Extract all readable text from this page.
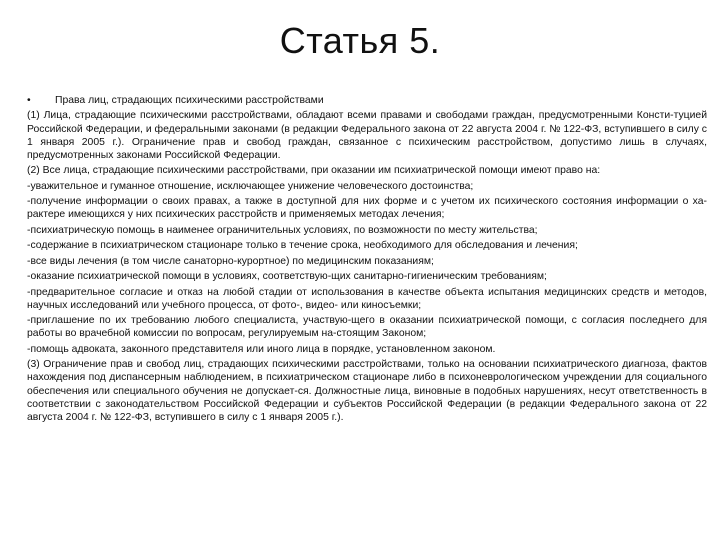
Статья 5.
•	Права лиц, страдающих психическими расстройствами

(1) Лица, страдающие психическими расстройствами, обладают всеми правами и свободами граждан, предусмотренными Консти-туцией Российской Федерации, и федеральными законами (в редакции Федерального закона от 22 августа 2004 г. № 122-ФЗ, вступившего в силу с 1 января 2005 г.). Ограничение прав и свобод граждан, связанное с психическим расстройством, допустимо лишь в случаях, предусмотренных законами Российской Федерации.

(2) Все лица, страдающие психическими расстройствами, при оказании им психиатрической помощи имеют право на:

-уважительное и гуманное отношение, исключающее унижение человеческого достоинства;

-получение информации о своих правах, а также в доступной для них форме и с учетом их психического состояния информации о ха-рактере имеющихся у них психических расстройств и применяемых методах лечения;

-психиатрическую помощь в наименее ограничительных условиях, по возможности по месту жительства;

-содержание в психиатрическом стационаре только в течение срока, необходимого для обследования и лечения;

-все виды лечения (в том числе санаторно-курортное) по медицинским показаниям;

-оказание психиатрической помощи в условиях, соответствую-щих санитарно-гигиеническим требованиям;

-предварительное согласие и отказ на любой стадии от использования в качестве объекта испытания медицинских средств и методов, научных исследований или учебного процесса, от фото-, видео- или киносъемки;

-приглашение по их требованию любого специалиста, участвую-щего в оказании психиатрической помощи, с согласия последнего для работы во врачебной комиссии по вопросам, регулируемым на-стоящим Законом;

-помощь адвоката, законного представителя или иного лица в порядке, установленном законом.

(3) Ограничение прав и свобод лиц, страдающих психическими расстройствами, только на основании психиатрического диагноза, фактов нахождения под диспансерным наблюдением, в психиатрическом стационаре либо в психоневрологическом учреждении для социального обеспечения или специального обучения не допускает-ся. Должностные лица, виновные в подобных нарушениях, несут ответственность в соответствии с законодательством Российской Федерации и субъектов Российской Федерации (в редакции Федерального закона от 22 августа 2004 г. № 122-ФЗ, вступившего в силу с 1 января 2005 г.).
